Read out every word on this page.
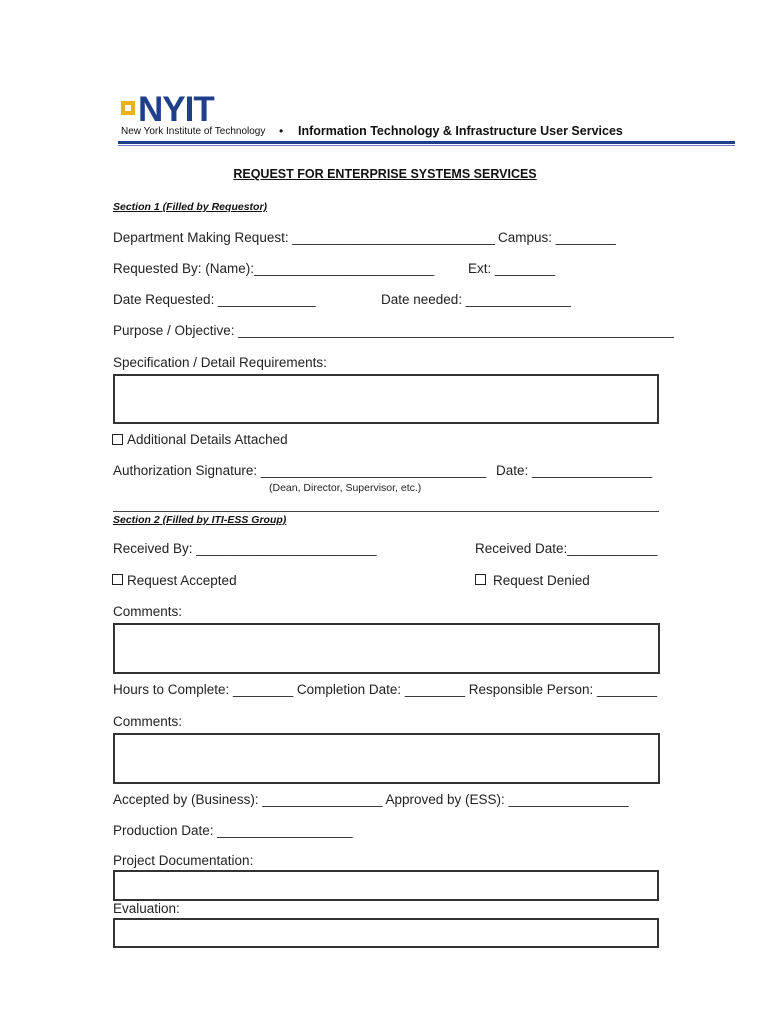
NYIT
New York Institute of Technology • Information Technology & Infrastructure User Services
REQUEST FOR ENTERPRISE SYSTEMS SERVICES
Section 1 (Filled by Requestor)
Department Making Request: ___________________________ Campus: ________
Requested By: (Name):________________________ Ext: ________
Date Requested: _____________	Date needed: ______________
Purpose / Objective: __________________________________________________________
Specification / Detail Requirements:
Additional Details Attached
Authorization Signature: ______________________________ Date: ________________
(Dean, Director, Supervisor, etc.)
Section 2 (Filled by ITI-ESS Group)
Received By: ________________________	Received Date:____________
Request Accepted	Request Denied
Comments:
Hours to Complete: ________ Completion Date: ________ Responsible Person: ________
Comments:
Accepted by (Business): ________________ Approved by (ESS): ________________
Production Date: __________________
Project Documentation:
Evaluation:
